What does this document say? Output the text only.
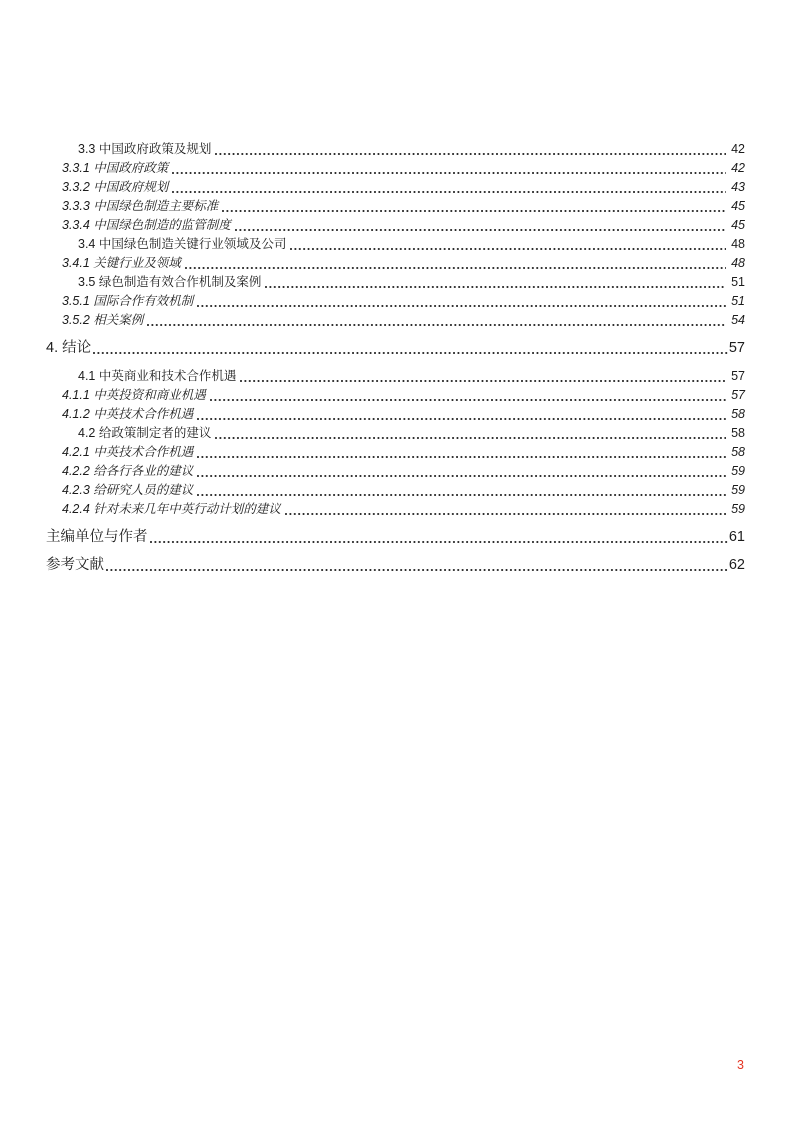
3.3 中国政府政策及规划	42
3.3.1 中国政府政策	42
3.3.2 中国政府规划	43
3.3.3 中国绿色制造主要标准	45
3.3.4 中国绿色制造的监管制度	45
3.4 中国绿色制造关键行业领域及公司	48
3.4.1 关键行业及领域	48
3.5 绿色制造有效合作机制及案例	51
3.5.1 国际合作有效机制	51
3.5.2 相关案例	54
4. 结论	57
4.1 中英商业和技术合作机遇	57
4.1.1 中英投资和商业机遇	57
4.1.2 中英技术合作机遇	58
4.2 给政策制定者的建议	58
4.2.1 中英技术合作机遇	58
4.2.2 给各行各业的建议	59
4.2.3 给研究人员的建议	59
4.2.4 针对未来几年中英行动计划的建议	59
主编单位与作者	61
参考文献	62
3
